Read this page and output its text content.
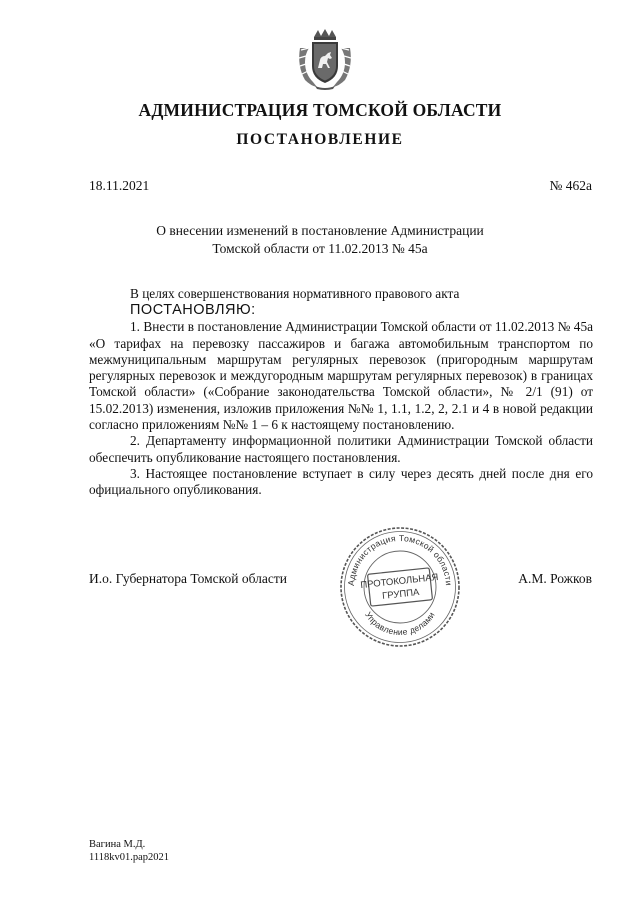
АДМИНИСТРАЦИЯ ТОМСКОЙ ОБЛАСТИ
ПОСТАНОВЛЕНИЕ
18.11.2021	№ 462а
О внесении изменений в постановление Администрации
Томской области от 11.02.2013 № 45а

В целях совершенствования нормативного правового акта

ПОСТАНОВЛЯЮ:

1. Внести в постановление Администрации Томской области от 11.02.2013 № 45а «О тарифах на перевозку пассажиров и багажа автомобильным транспортом по межмуниципальным маршрутам регулярных перевозок (пригородным маршрутам регулярных перевозок и междугородным маршрутам регулярных перевозок) в границах Томской области» («Собрание законодательства Томской области», № 2/1 (91) от 15.02.2013) изменения, изложив приложения №№ 1, 1.1, 1.2, 2, 2.1 и 4 в новой редакции согласно приложениям №№ 1 – 6 к настоящему постановлению.

2. Департаменту информационной политики Администрации Томской области обеспечить опубликование настоящего постановления.

3. Настоящее постановление вступает в силу через десять дней после дня его официального опубликования.

И.о. Губернатора Томской области	А.М. Рожков
Администрация Томской области
Управление делами
ПРОТОКОЛЬНАЯ
ГРУППА
Вагина М.Д.
1118kv01.pap2021
